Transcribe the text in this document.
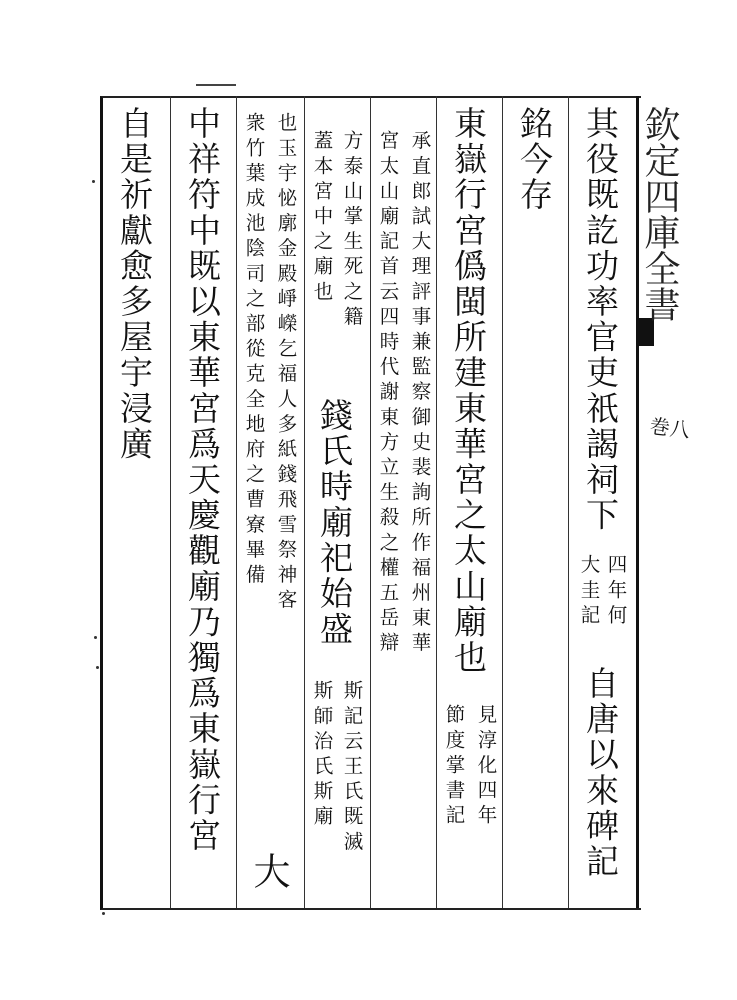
欽定四庫全書
巻八
其役既訖功率官吏祇謁祠下
四年何
大圭記
自唐以來碑記
銘今存
東嶽行宮僞閩所建東華宮之太山廟也
見淳化四年
節度掌書記
承直郎試大理評事兼監察御史裴詢所作福州東華
宮太山廟記首云四時代謝東方立生殺之權五岳辯
方泰山掌生死之籍
錢氏時廟祀始盛
斯記云王氏既滅
蓋本宮中之廟也
斯師治氏斯廟
也玉宇怭廓金殿崢嶸乞福人多紙錢飛雪祭神客
大
衆竹葉成池陰司之部從克全地府之曹寮畢備
中祥符中既以東華宮爲天慶觀廟乃獨爲東嶽行宮
自是祈獻愈多屋宇浸廣
